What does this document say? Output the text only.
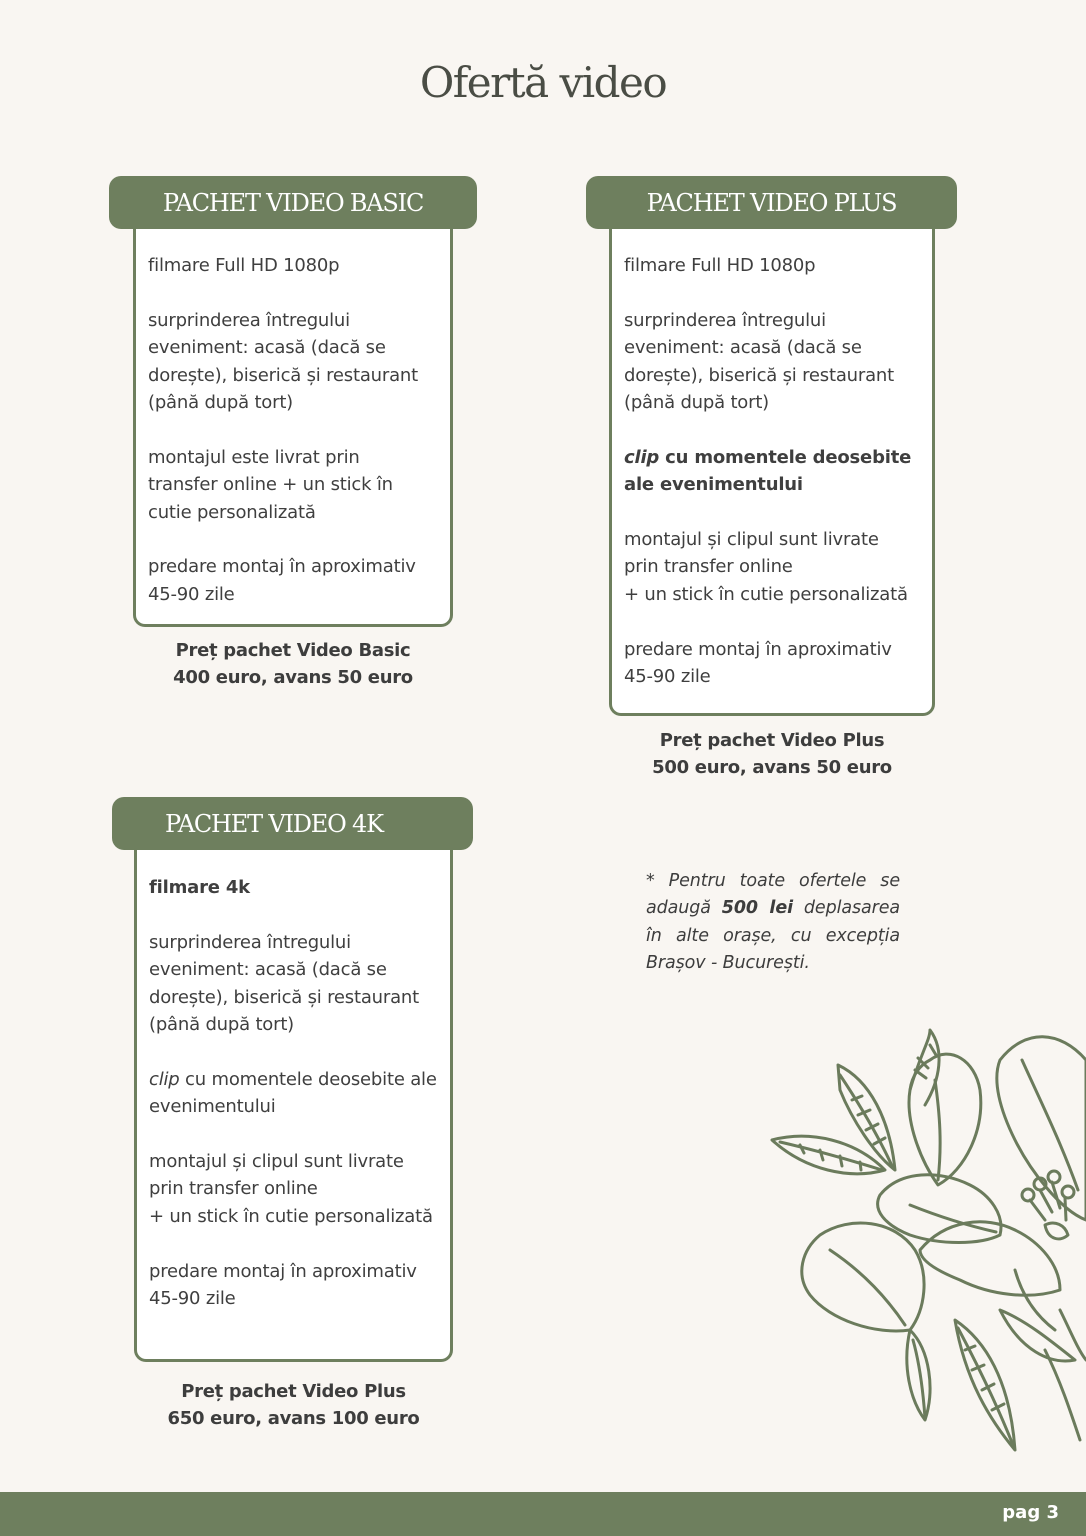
Ofertă video

filmare Full HD 1080p

surprinderea întregului
eveniment: acasă (dacă se
dorește), biserică și restaurant
(până după tort)

montajul este livrat prin
transfer online + un stick în
cutie personalizată

predare montaj în aproximativ
45-90 zile

PACHET VIDEO BASIC
Preț pachet Video Basic
400 euro, avans 50 euro

filmare Full HD 1080p

surprinderea întregului
eveniment: acasă (dacă se
dorește), biserică și restaurant
(până după tort)

clip cu momentele deosebite
ale evenimentului

montajul și clipul sunt livrate
prin transfer online
+ un stick în cutie personalizată

predare montaj în aproximativ
45-90 zile

PACHET VIDEO PLUS
Preț pachet Video Plus
500 euro, avans 50 euro

filmare 4k

surprinderea întregului
eveniment: acasă (dacă se
dorește), biserică și restaurant
(până după tort)

clip cu momentele deosebite ale
evenimentului

montajul și clipul sunt livrate
prin transfer online
+ un stick în cutie personalizată

predare montaj în aproximativ
45-90 zile

PACHET VIDEO 4K
Preț pachet Video Plus
650 euro, avans 100 euro
* Pentru toate ofertele se adaugă 500 lei deplasarea în alte orașe, cu excepția Brașov - București.
pag 3
